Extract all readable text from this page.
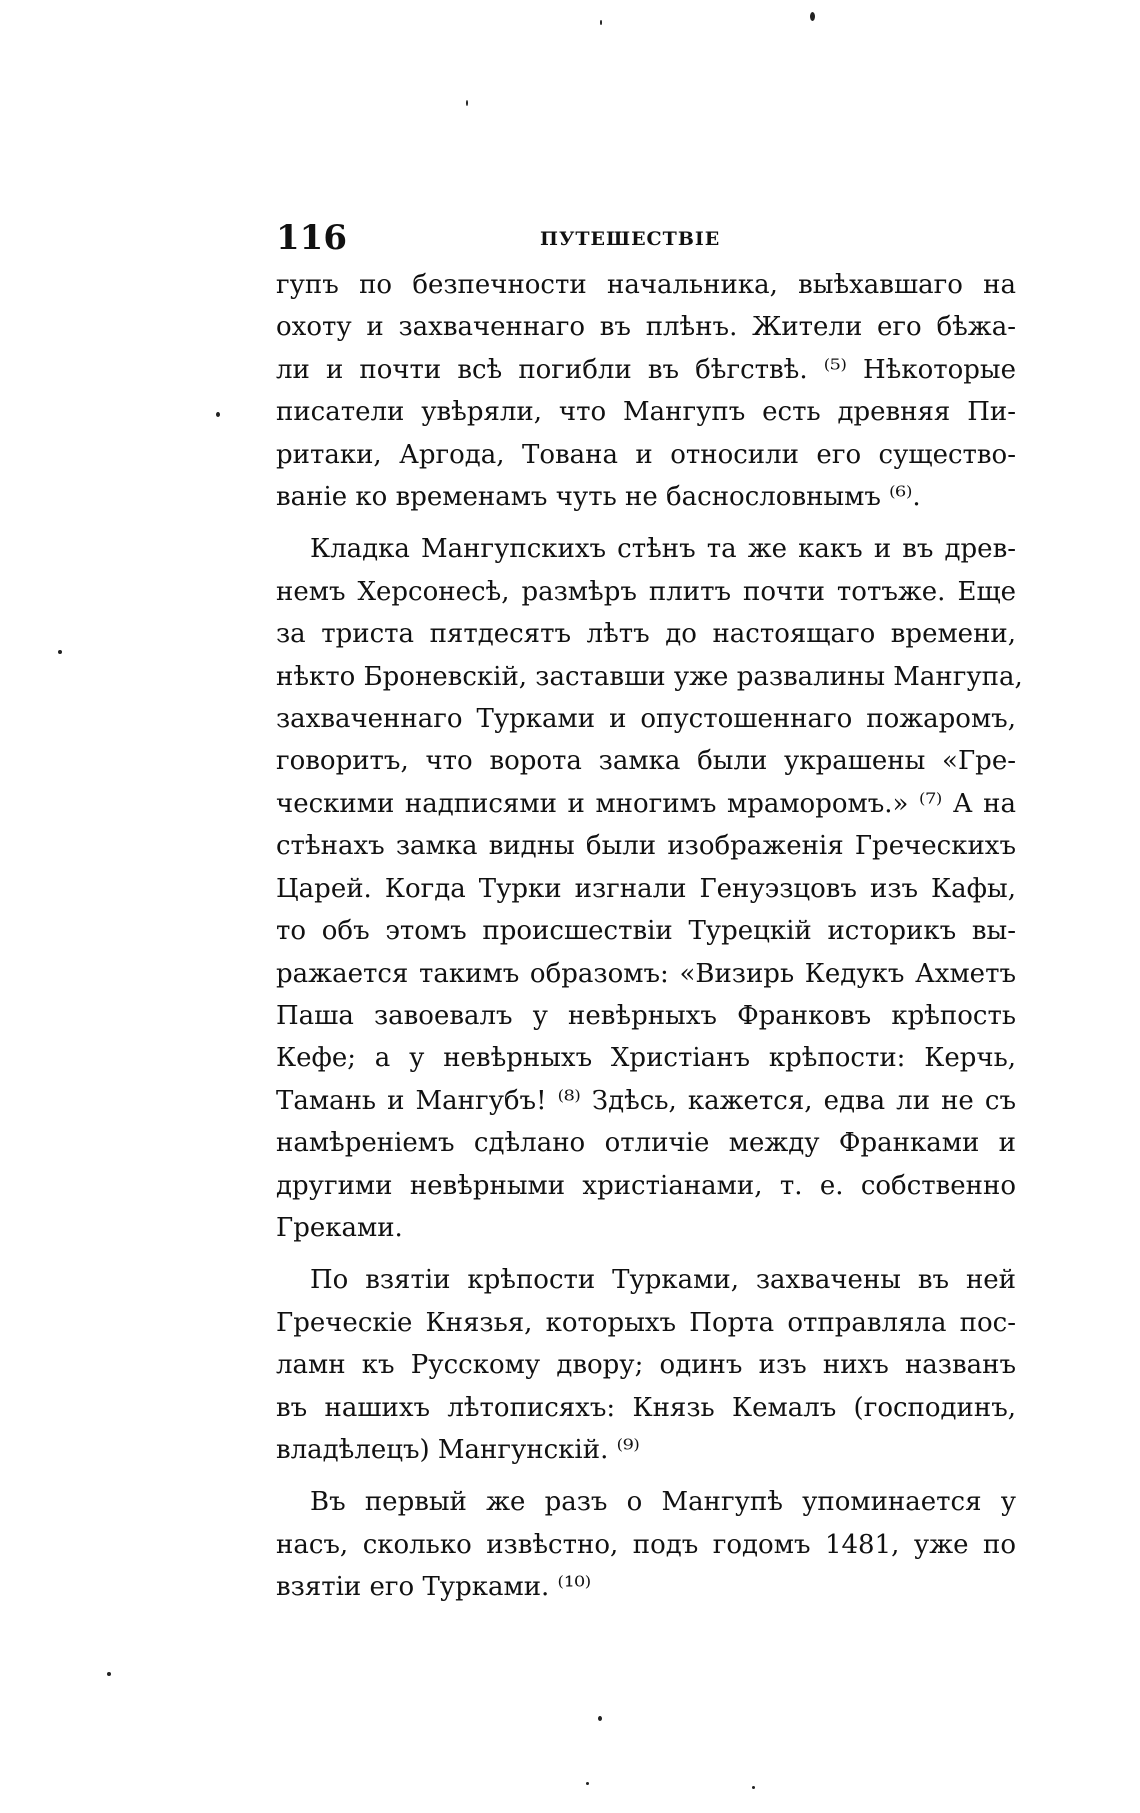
116	ПУТЕШЕСТВІЕ

гупъ по безпечности начальника, выѣхавшаго на
охоту и захваченнаго въ плѣнъ. Жители его бѣжа-
ли и почти всѣ погибли въ бѣгствѣ. ⁽⁵⁾ Нѣкоторые
писатели увѣряли, что Мангупъ есть древняя Пи-
ритаки, Аргода, Тована и относили его существо-
ваніе ко временамъ чуть не баснословнымъ ⁽⁶⁾.

Кладка Мангупскихъ стѣнъ та же какъ и въ древ-
немъ Херсонесѣ, размѣръ плитъ почти тотъже. Еще
за триста пятдесятъ лѣтъ до настоящаго времени,
нѣкто Броневскій, заставши уже развалины Мангупа,
захваченнаго Турками и опустошеннаго пожаромъ,
говоритъ, что ворота замка были украшены «Гре-
ческими надписями и многимъ мраморомъ.» ⁽⁷⁾ А на
стѣнахъ замка видны были изображенія Греческихъ
Царей. Когда Турки изгнали Генуэзцовъ изъ Кафы,
то объ этомъ происшествіи Турецкій историкъ вы-
ражается такимъ образомъ: «Визирь Кедукъ Ахметъ
Паша завоевалъ у невѣрныхъ Франковъ крѣпость
Кефе; а у невѣрныхъ Христіанъ крѣпости: Керчь,
Тамань и Мангубъ! ⁽⁸⁾ Здѣсь, кажется, едва ли не съ
намѣреніемъ сдѣлано отличіе между Франками и
другими невѣрными христіанами, т. е. собственно
Греками.

По взятіи крѣпости Турками, захвачены въ ней
Греческіе Князья, которыхъ Порта отправляла пос-
ламн къ Русскому двору; одинъ изъ нихъ названъ
въ нашихъ лѣтописяхъ: Князь Кемалъ (господинъ,
владѣлецъ) Мангунскій. ⁽⁹⁾

Въ первый же разъ о Мангупѣ упоминается у
насъ, сколько извѣстно, подъ годомъ 1481, уже по
взятіи его Турками. ⁽¹⁰⁾
